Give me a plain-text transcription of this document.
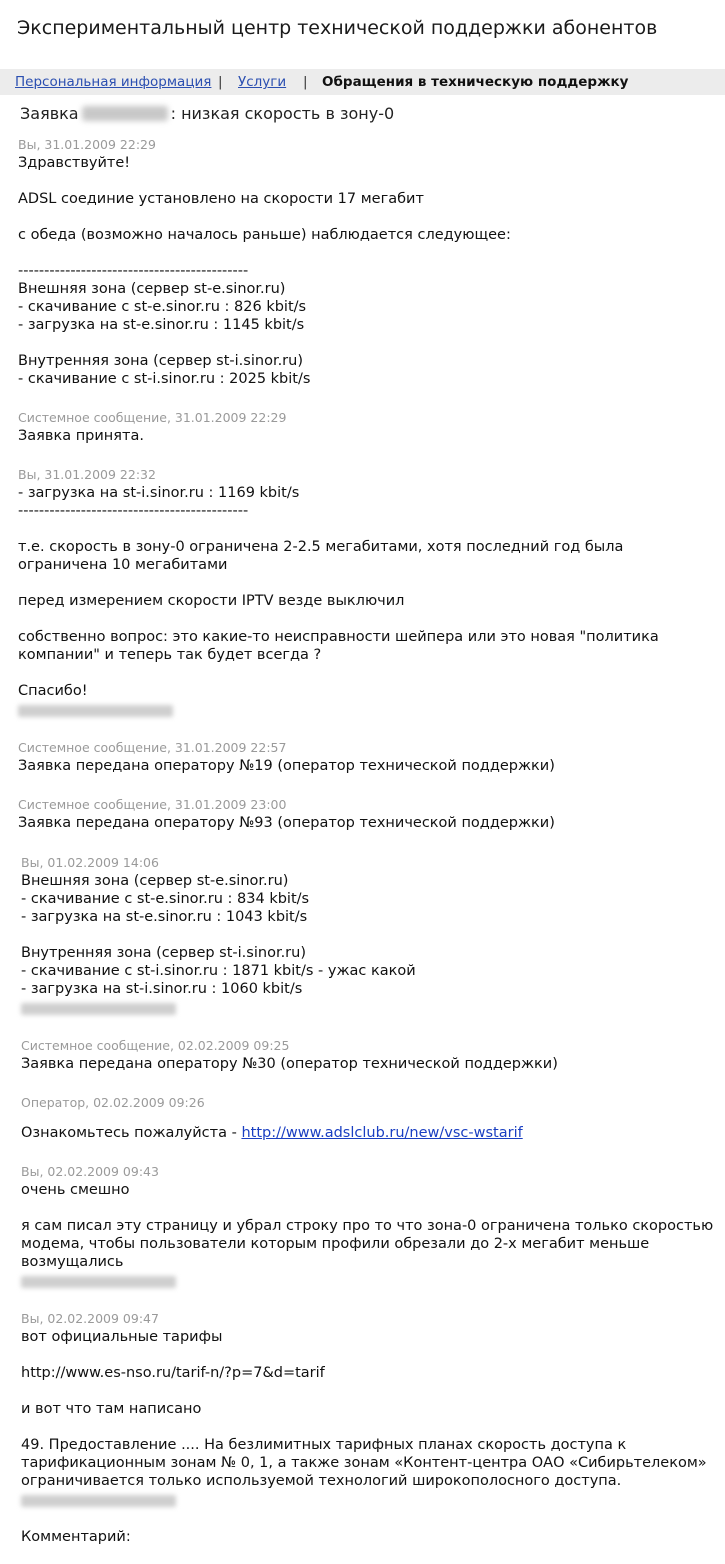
Экспериментальный центр технической поддержки абонентов
Персональная информация | Услуги | Обращения в техническую поддержку
Заявка	: низкая скорость в зону-0
Вы, 31.01.2009 22:29
Здравствуйте!
ADSL соединие установлено на скорости 17 мегабит
с обеда (возможно началось раньше) наблюдается следующее:
--------------------------------------------
Внешняя зона (сервер st-e.sinor.ru)
- скачивание с st-e.sinor.ru : 826 kbit/s
- загрузка на st-e.sinor.ru : 1145 kbit/s
Внутренняя зона (сервер st-i.sinor.ru)
- скачивание с st-i.sinor.ru : 2025 kbit/s
Системное сообщение, 31.01.2009 22:29
Заявка принята.
Вы, 31.01.2009 22:32
- загрузка на st-i.sinor.ru : 1169 kbit/s
--------------------------------------------
т.е. скорость в зону-0 ограничена 2-2.5 мегабитами, хотя последний год была
ограничена 10 мегабитами
перед измерением скорости IPTV везде выключил
собственно вопрос: это какие-то неисправности шейпера или это новая "политика
компании" и теперь так будет всегда ?
Спасибо!
Системное сообщение, 31.01.2009 22:57
Заявка передана оператору №19 (оператор технической поддержки)
Системное сообщение, 31.01.2009 23:00
Заявка передана оператору №93 (оператор технической поддержки)
Вы, 01.02.2009 14:06
Внешняя зона (сервер st-e.sinor.ru)
- скачивание с st-e.sinor.ru : 834 kbit/s
- загрузка на st-e.sinor.ru : 1043 kbit/s
Внутренняя зона (сервер st-i.sinor.ru)
- скачивание с st-i.sinor.ru : 1871 kbit/s - ужас какой
- загрузка на st-i.sinor.ru : 1060 kbit/s
Системное сообщение, 02.02.2009 09:25
Заявка передана оператору №30 (оператор технической поддержки)
Оператор, 02.02.2009 09:26
Ознакомьтесь пожалуйста - http://www.adslclub.ru/new/vsc-wstarif
Вы, 02.02.2009 09:43
очень смешно
я сам писал эту страницу и убрал строку про то что зона-0 ограничена только скоростью
модема, чтобы пользователи которым профили обрезали до 2-х мегабит меньше
возмущались
Вы, 02.02.2009 09:47
вот официальные тарифы
http://www.es-nso.ru/tarif-n/?p=7&d=tarif
и вот что там написано
49. Предоставление .... На безлимитных тарифных планах скорость доступа к
тарификационным зонам № 0, 1, а также зонам «Контент-центра ОАО «Сибирьтелеком»
ограничивается только используемой технологий широкополосного доступа.
Комментарий:
